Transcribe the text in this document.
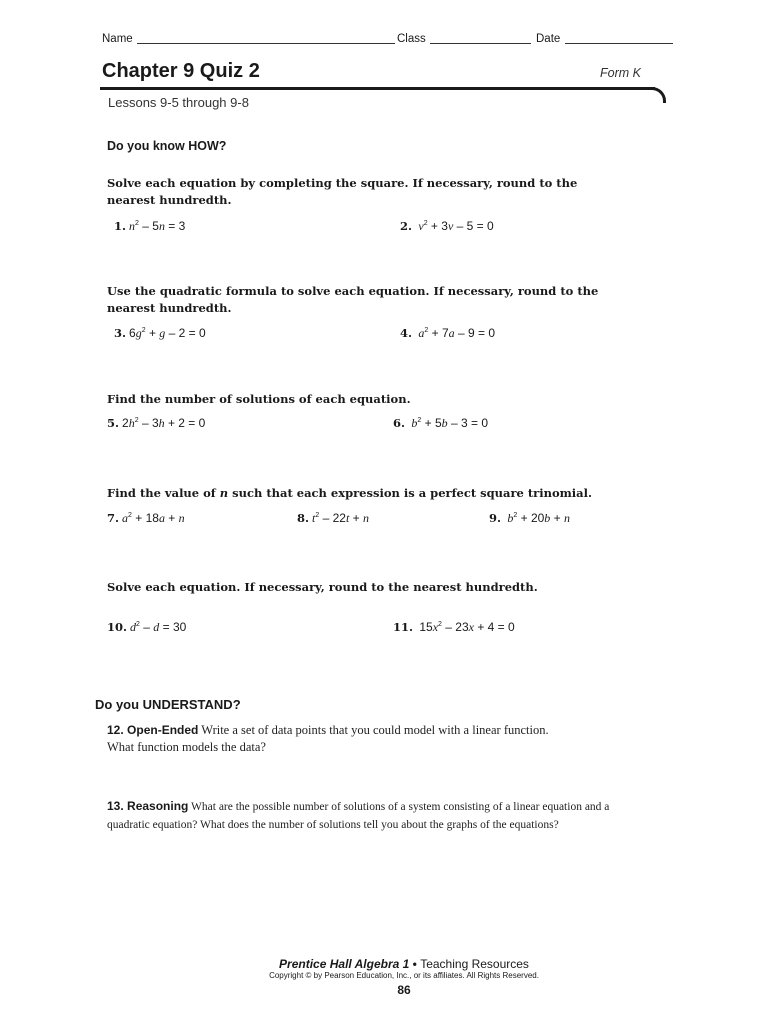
Name	Class	Date
Chapter 9 Quiz 2	Form K
Lessons 9-5 through 9-8
Do you know HOW?
Solve each equation by completing the square. If necessary, round to the nearest hundredth.
1. $n^2 - 5n = 3$	2. $v^2 + 3v - 5 = 0$
Use the quadratic formula to solve each equation. If necessary, round to the nearest hundredth.
3. $6g^2 + g - 2 = 0$	4. $a^2 + 7a - 9 = 0$
Find the number of solutions of each equation.
5. $2h^2 - 3h + 2 = 0$	6. $b^2 + 5b - 3 = 0$
Find the value of n such that each expression is a perfect square trinomial.
7. $a^2 + 18a + n$	8. $t^2 - 22t + n$	9. $b^2 + 20b + n$
Solve each equation. If necessary, round to the nearest hundredth.
10. $d^2 - d = 30$	11. $15x^2 - 23x + 4 = 0$
Do you UNDERSTAND?
12. Open-Ended Write a set of data points that you could model with a linear function. What function models the data?
13. Reasoning What are the possible number of solutions of a system consisting of a linear equation and a quadratic equation? What does the number of solutions tell you about the graphs of the equations?
Prentice Hall Algebra 1 • Teaching Resources
Copyright © by Pearson Education, Inc., or its affiliates. All Rights Reserved.
86
